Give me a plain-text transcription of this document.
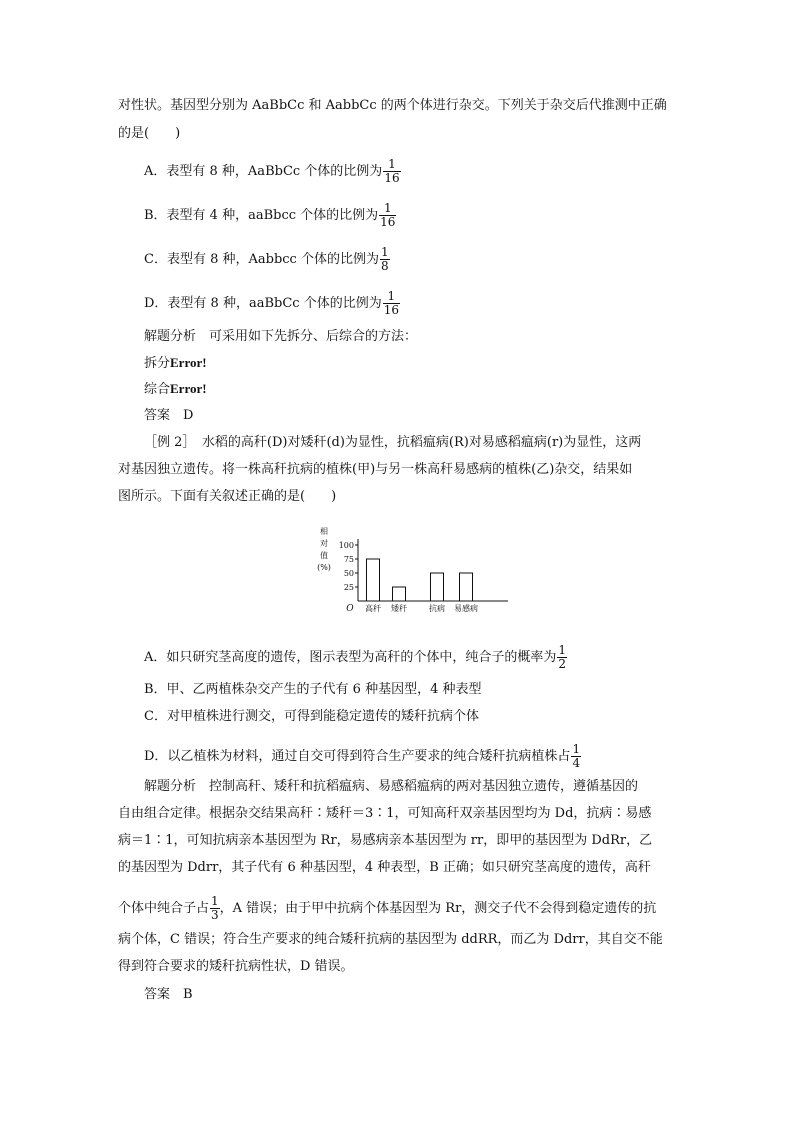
对性状。基因型分别为 AaBbCc 和 AabbCc 的两个体进行杂交。下列关于杂交后代推测中正确
的是(　　)
A．表型有 8 种，AaBbCc 个体的比例为 $\frac{1}{16}$
B．表型有 4 种，aaBbcc 个体的比例为 $\frac{1}{16}$
C．表型有 8 种，Aabbcc 个体的比例为 $\frac{1}{8}$
D．表型有 8 种，aaBbCc 个体的比例为 $\frac{1}{16}$
解题分析　可采用如下先拆分、后综合的方法：
拆分Error!
综合Error!
答案　D
［例 2］　水稻的高秆(D)对矮秆(d)为显性，抗稻瘟病(R)对易感稻瘟病(r)为显性，这两
对基因独立遗传。将一株高秆抗病的植株(甲)与另一株高秆易感病的植株(乙)杂交，结果如
图所示。下面有关叙述正确的是(　　)
相
对
值
(%)
100
75
50
25
O 高秆 矮秆	抗病 易感病
A．如只研究茎高度的遗传，图示表型为高秆的个体中，纯合子的概率为 $\frac{1}{2}$
B．甲、乙两植株杂交产生的子代有 6 种基因型，4 种表型
C．对甲植株进行测交，可得到能稳定遗传的矮秆抗病个体
D．以乙植株为材料，通过自交可得到符合生产要求的纯合矮秆抗病植株占 $\frac{1}{4}$
解题分析　控制高秆、矮秆和抗稻瘟病、易感稻瘟病的两对基因独立遗传，遵循基因的
自由组合定律。根据杂交结果高秆∶矮秆＝3∶1，可知高秆双亲基因型均为 Dd，抗病∶易感
病＝1∶1，可知抗病亲本基因型为 Rr，易感病亲本基因型为 rr，即甲的基因型为 DdRr，乙
的基因型为 Ddrr，其子代有 6 种基因型，4 种表型，B 正确；如只研究茎高度的遗传，高秆
个体中纯合子占 $\frac{1}{3}$ ，A 错误；由于甲中抗病个体基因型为 Rr，测交子代不会得到稳定遗传的抗
病个体，C 错误；符合生产要求的纯合矮秆抗病的基因型为 ddRR，而乙为 Ddrr，其自交不能
得到符合要求的矮秆抗病性状，D 错误。
答案　B
